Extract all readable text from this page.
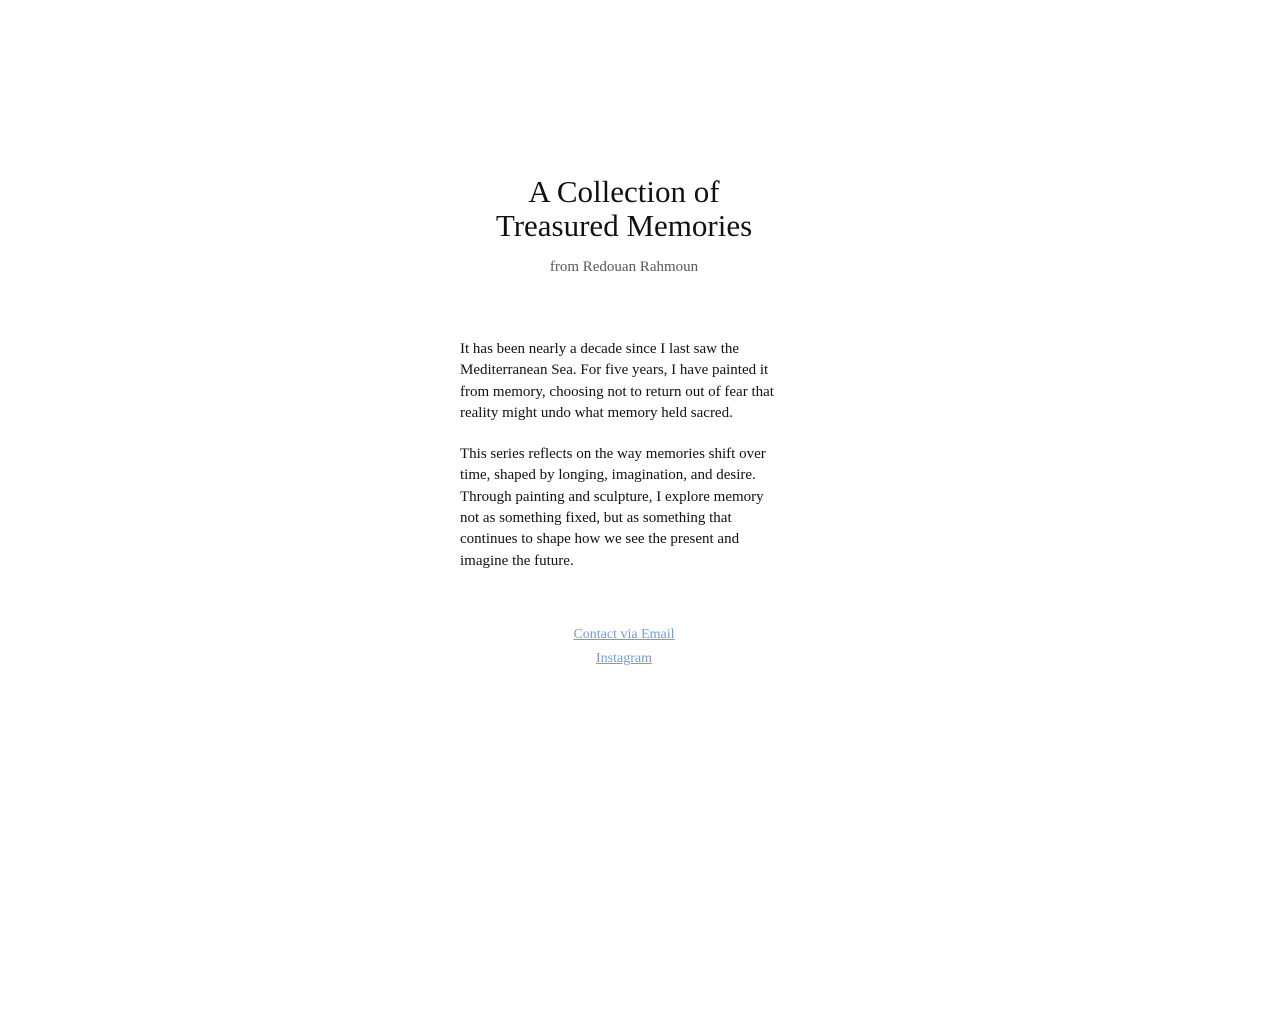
A Collection of
Treasured Memories
from Redouan Rahmoun

It has been nearly a decade since I last saw the
Mediterranean Sea. For five years, I have painted it
from memory, choosing not to return out of fear that
reality might undo what memory held sacred.

This series reflects on the way memories shift over
time, shaped by longing, imagination, and desire.
Through painting and sculpture, I explore memory
not as something fixed, but as something that
continues to shape how we see the present and
imagine the future.

Contact via Email
Instagram
